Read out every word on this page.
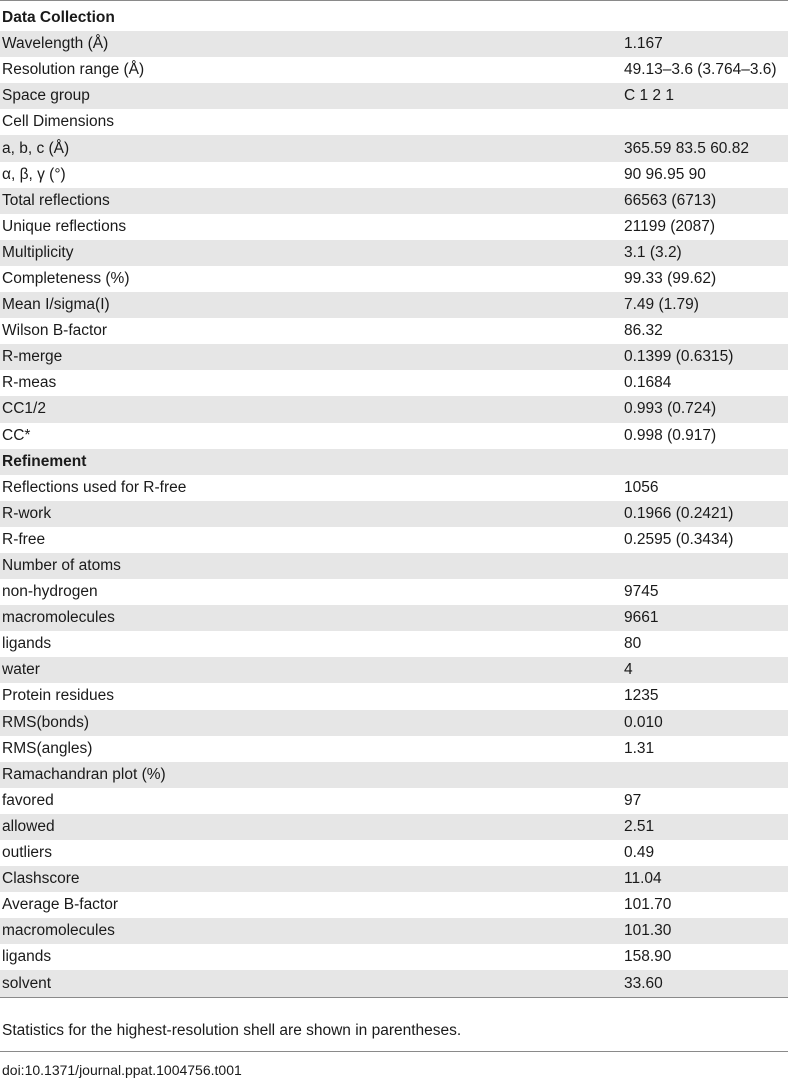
Data Collection	
Wavelength (Å)	1.167
Resolution range (Å)	49.13–3.6 (3.764–3.6)
Space group	C 1 2 1
Cell Dimensions	
a, b, c (Å)	365.59 83.5 60.82
α, β, γ (°)	90 96.95 90
Total reflections	66563 (6713)
Unique reflections	21199 (2087)
Multiplicity	3.1 (3.2)
Completeness (%)	99.33 (99.62)
Mean I/sigma(I)	7.49 (1.79)
Wilson B-factor	86.32
R-merge	0.1399 (0.6315)
R-meas	0.1684
CC1/2	0.993 (0.724)
CC*	0.998 (0.917)
Refinement	
Reflections used for R-free	1056
R-work	0.1966 (0.2421)
R-free	0.2595 (0.3434)
Number of atoms	
non-hydrogen	9745
macromolecules	9661
ligands	80
water	4
Protein residues	1235
RMS(bonds)	0.010
RMS(angles)	1.31
Ramachandran plot (%)	
favored	97
allowed	2.51
outliers	0.49
Clashscore	11.04
Average B-factor	101.70
macromolecules	101.30
ligands	158.90
solvent	33.60
Statistics for the highest-resolution shell are shown in parentheses.
doi:10.1371/journal.ppat.1004756.t001
